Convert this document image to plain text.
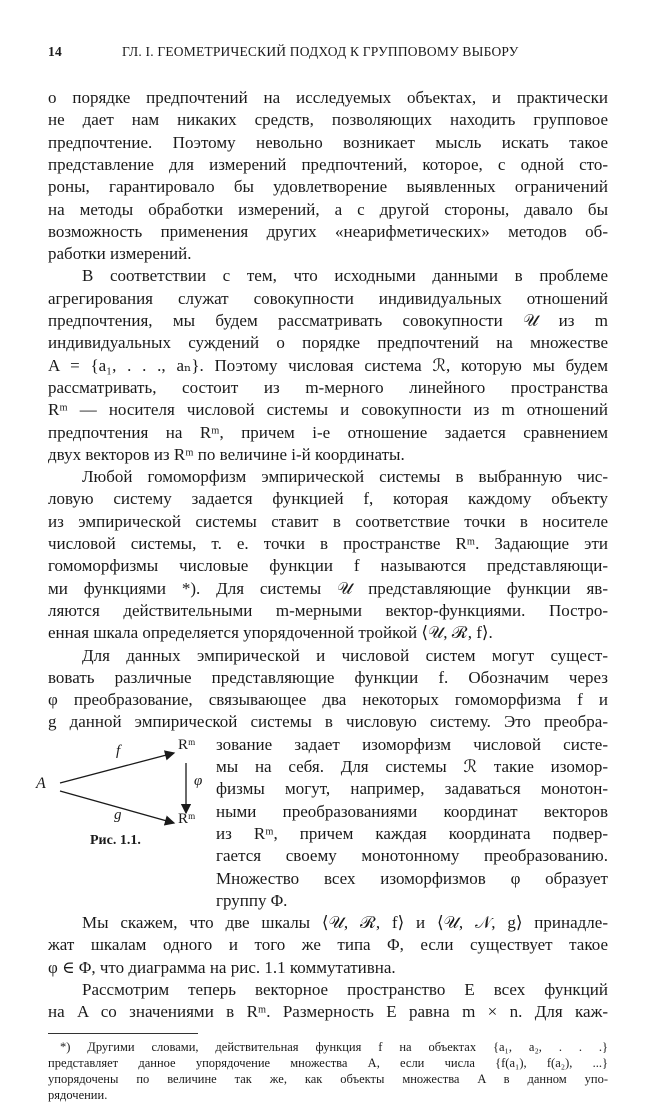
14	ГЛ. I. ГЕОМЕТРИЧЕСКИЙ ПОДХОД К ГРУППОВОМУ ВЫБОРУ
о порядке предпочтений на исследуемых объектах, и практически
не дает нам никаких средств, позволяющих находить групповое
предпочтение. Поэтому невольно возникает мысль искать такое
представление для измерений предпочтений, которое, с одной сто-
роны, гарантировало бы удовлетворение выявленных ограничений
на методы обработки измерений, а с другой стороны, давало бы
возможность применения других «неарифметических» методов об-
работки измерений.
В соответствии с тем, что исходными данными в проблеме
агрегирования служат совокупности индивидуальных отношений
предпочтения, мы будем рассматривать совокупности 𝒰 из m
индивидуальных суждений о порядке предпочтений на множестве
A = {a₁, . . ., aₙ}. Поэтому числовая система ℛ, которую мы будем
рассматривать, состоит из m-мерного линейного пространства
Rᵐ — носителя числовой системы и совокупности из m отношений
предпочтения на Rᵐ, причем i-е отношение задается сравнением
двух векторов из Rᵐ по величине i-й координаты.
Любой гомоморфизм эмпирической системы в выбранную чис-
ловую систему задается функцией f, которая каждому объекту
из эмпирической системы ставит в соответствие точки в носителе
числовой системы, т. е. точки в пространстве Rᵐ. Задающие эти
гомоморфизмы числовые функции f называются представляющи-
ми функциями *). Для системы 𝒰 представляющие функции яв-
ляются действительными m-мерными вектор-функциями. Постро-
енная шкала определяется упорядоченной тройкой ⟨𝒰, ℛ, f⟩.
Для данных эмпирической и числовой систем могут сущест-
вовать различные представляющие функции f. Обозначим через
φ преобразование, связывающее два некоторых гомоморфизма f и
g данной эмпирической системы в числовую систему. Это преобра-
A
Rᵐ
Rᵐ
f
g
φ
Рис. 1.1.
зование задает изоморфизм числовой систе-
мы на себя. Для системы ℛ такие изомор-
физмы могут, например, задаваться монотон-
ными преобразованиями координат векторов
из Rᵐ, причем каждая координата подвер-
гается своему монотонному преобразованию.
Множество всех изоморфизмов φ образует
группу Φ.
Мы скажем, что две шкалы ⟨𝒰, ℛ, f⟩ и ⟨𝒰, 𝒩, g⟩ принадле-
жат шкалам одного и того же типа Φ, если существует такое
φ ∈ Φ, что диаграмма на рис. 1.1 коммутативна.
Рассмотрим теперь векторное пространство E всех функций
на A со значениями в Rᵐ. Размерность E равна m × n. Для каж-
*) Другими словами, действительная функция f на объектах {a₁, a₂, . . .}
представляет данное упорядочение множества A, если числа {f(a₁), f(a₂), ...}
упорядочены по величине так же, как объекты множества A в данном упо-
рядочении.
